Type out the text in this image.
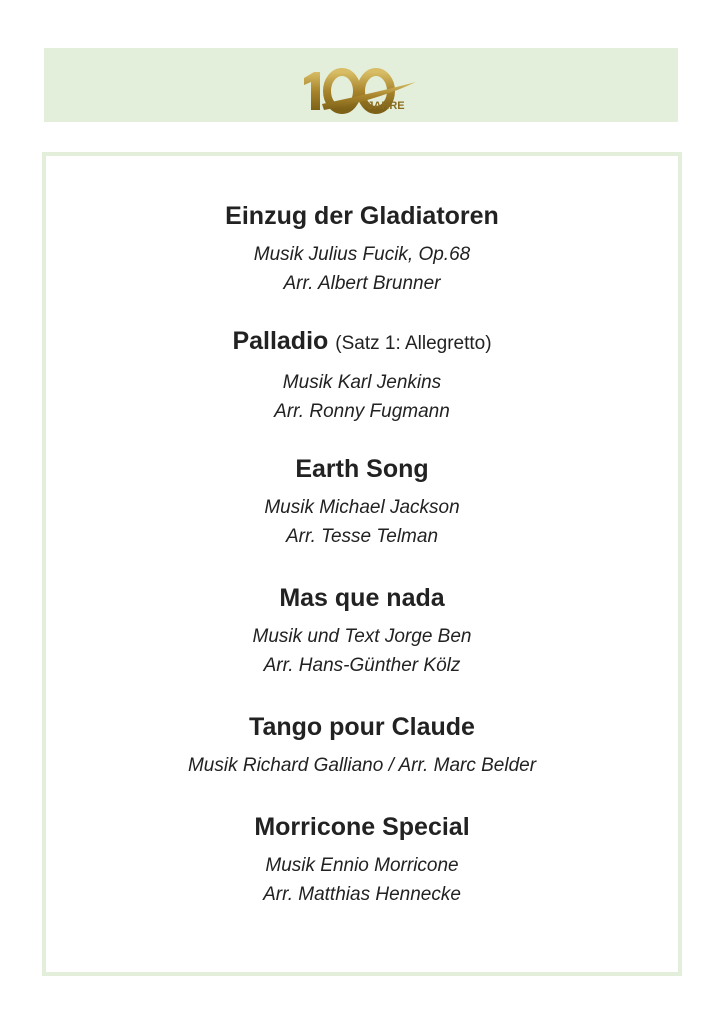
JAHRE

Einzug der Gladiatoren

Musik Julius Fucik, Op.68

Arr. Albert Brunner

Palladio (Satz 1: Allegretto)

Musik Karl Jenkins

Arr. Ronny Fugmann

Earth Song

Musik Michael Jackson

Arr. Tesse Telman

Mas que nada

Musik und Text Jorge Ben

Arr. Hans-Günther Kölz

Tango pour Claude

Musik Richard Galliano / Arr. Marc Belder

Morricone Special

Musik Ennio Morricone

Arr. Matthias Hennecke
